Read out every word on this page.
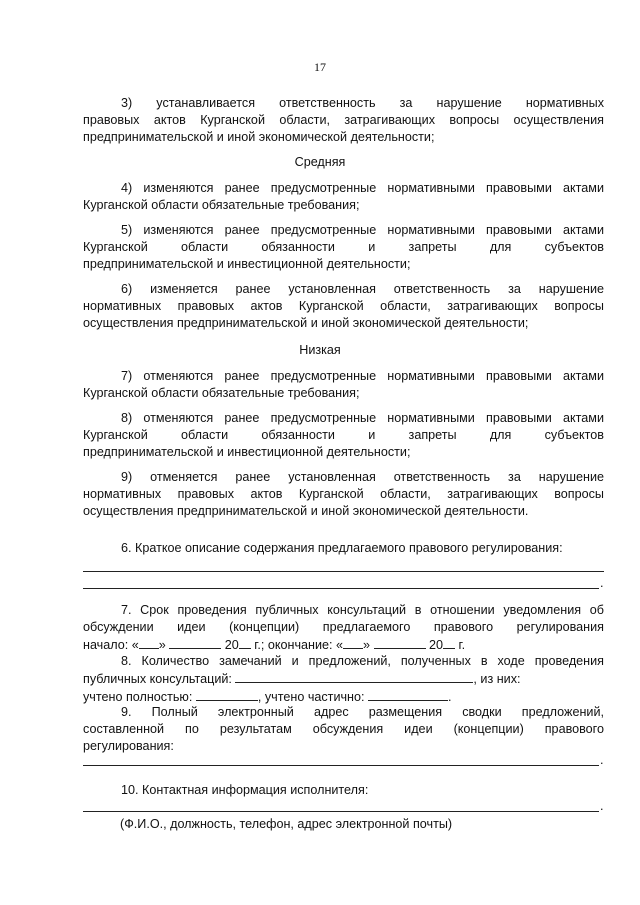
17
3) устанавливается ответственность за нарушение нормативных
правовых актов Курганской области, затрагивающих вопросы осуществления
предпринимательской и иной экономической деятельности;
Средняя
4) изменяются ранее предусмотренные нормативными правовыми актами
Курганской области обязательные требования;
5) изменяются ранее предусмотренные нормативными правовыми актами
Курганской области обязанности и запреты для субъектов
предпринимательской и инвестиционной деятельности;
6) изменяется ранее установленная ответственность за нарушение
нормативных правовых актов Курганской области, затрагивающих вопросы
осуществления предпринимательской и иной экономической деятельности;
Низкая
7) отменяются ранее предусмотренные нормативными правовыми актами
Курганской области обязательные требования;
8) отменяются ранее предусмотренные нормативными правовыми актами
Курганской области обязанности и запреты для субъектов
предпринимательской и инвестиционной деятельности;
9) отменяется ранее установленная ответственность за нарушение
нормативных правовых актов Курганской области, затрагивающих вопросы
осуществления предпринимательской и иной экономической деятельности.
6. Краткое описание содержания предлагаемого правового регулирования:
.
7. Срок проведения публичных консультаций в отношении уведомления об
обсуждении идеи (концепции) предлагаемого правового регулирования
начало: « »	20 г.; окончание: « »	20 г.
8. Количество замечаний и предложений, полученных в ходе проведения
публичных консультаций:	, из них:
учтено полностью:	, учтено частично:	.
9. Полный электронный адрес размещения сводки предложений,
составленной по результатам обсуждения идеи (концепции) правового
регулирования:
.
10. Контактная информация исполнителя:
.
(Ф.И.О., должность, телефон, адрес электронной почты)
